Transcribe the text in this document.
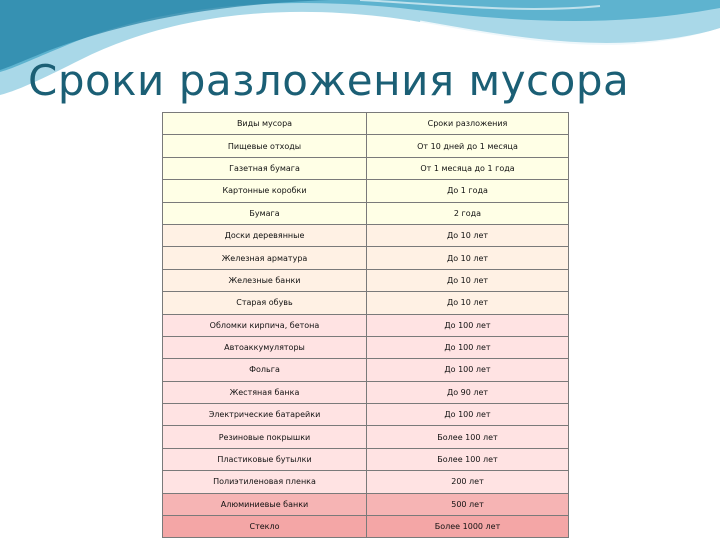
Сроки разложения мусора
Виды мусора	Сроки разложения
Пищевые отходы	От 10 дней до 1 месяца
Газетная бумага	От 1 месяца до 1 года
Картонные коробки	До 1 года
Бумага	2 года
Доски деревянные	До 10 лет
Железная арматура	До 10 лет
Железные банки	До 10 лет
Старая обувь	До 10 лет
Обломки кирпича, бетона	До 100 лет
Автоаккумуляторы	До 100 лет
Фольга	До 100 лет
Жестяная банка	До 90 лет
Электрические батарейки	До 100 лет
Резиновые покрышки	Более 100 лет
Пластиковые бутылки	Более 100 лет
Полиэтиленовая пленка	200 лет
Алюминиевые банки	500 лет
Стекло	Более 1000 лет
